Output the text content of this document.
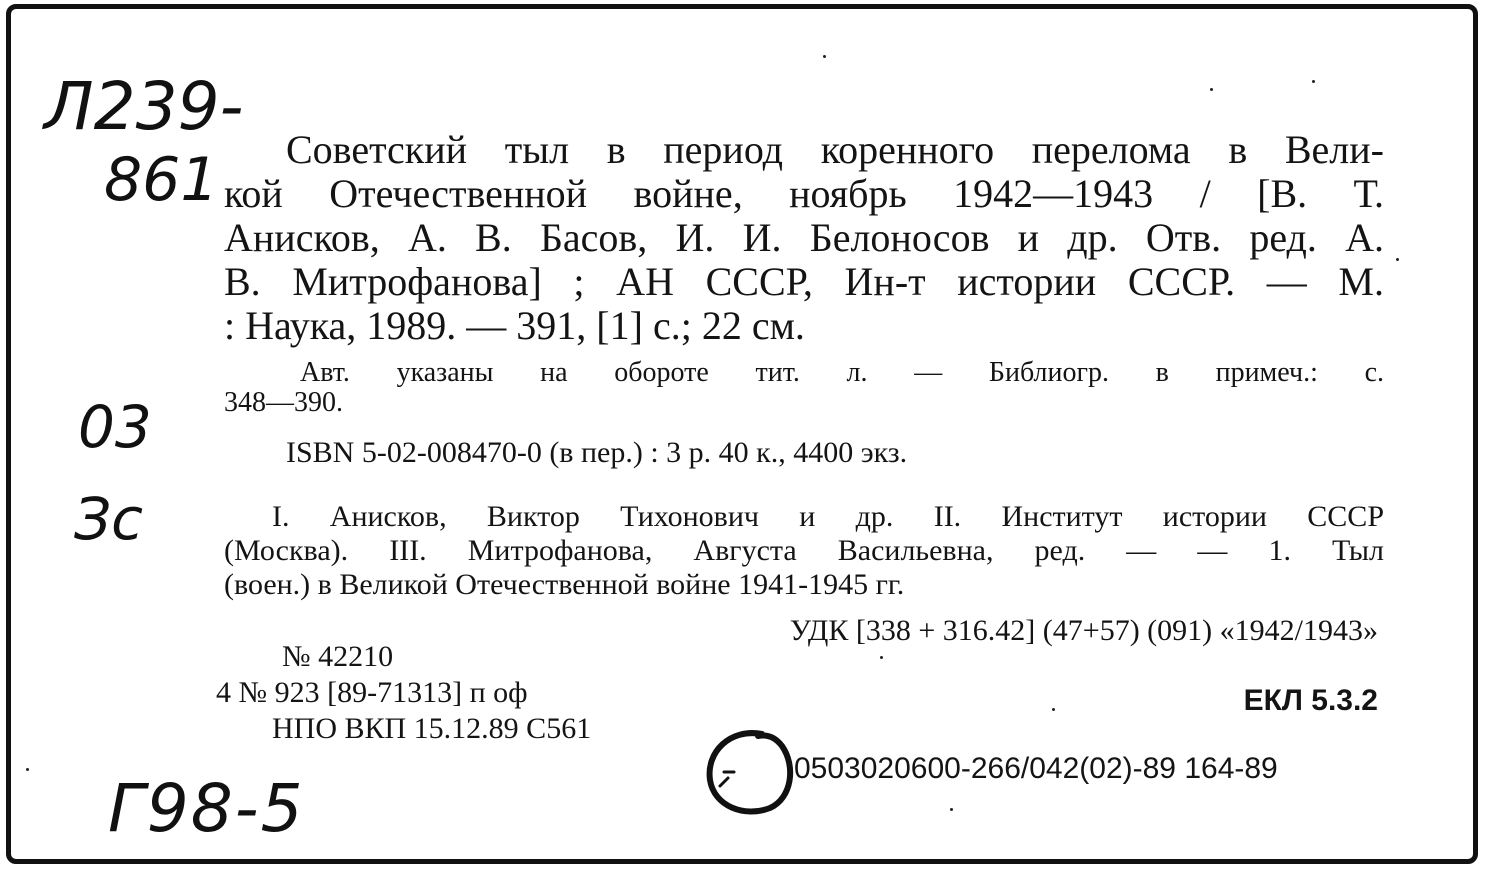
Л239-
861
03
Зс
Г98-5
Советский тыл в период коренного перелома в Вели-
кой Отечественной войне, ноябрь 1942—1943 / [В. Т.
Анисков, А. В. Басов, И. И. Белоносов и др. Отв. ред. А.
В. Митрофанова] ; АН СССР, Ин-т истории СССР. — М.
: Наука, 1989. — 391, [1] с.; 22 см.
Авт. указаны на обороте тит. л. — Библиогр. в примеч.: с.
348—390.
ISBN 5-02-008470-0 (в пер.) : 3 р. 40 к., 4400 экз.
I. Анисков, Виктор Тихонович и др. II. Институт истории СССР
(Москва). III. Митрофанова, Августа Васильевна, ред. — — 1. Тыл
(воен.) в Великой Отечественной войне 1941-1945 гг.
УДК [338 + 316.42] (47+57) (091) «1942/1943»
№ 42210
4 № 923 [89-71313] п оф	ЕКЛ 5.3.2
НПО ВКП 15.12.89 С561
0503020600-266/042(02)-89 164-89
